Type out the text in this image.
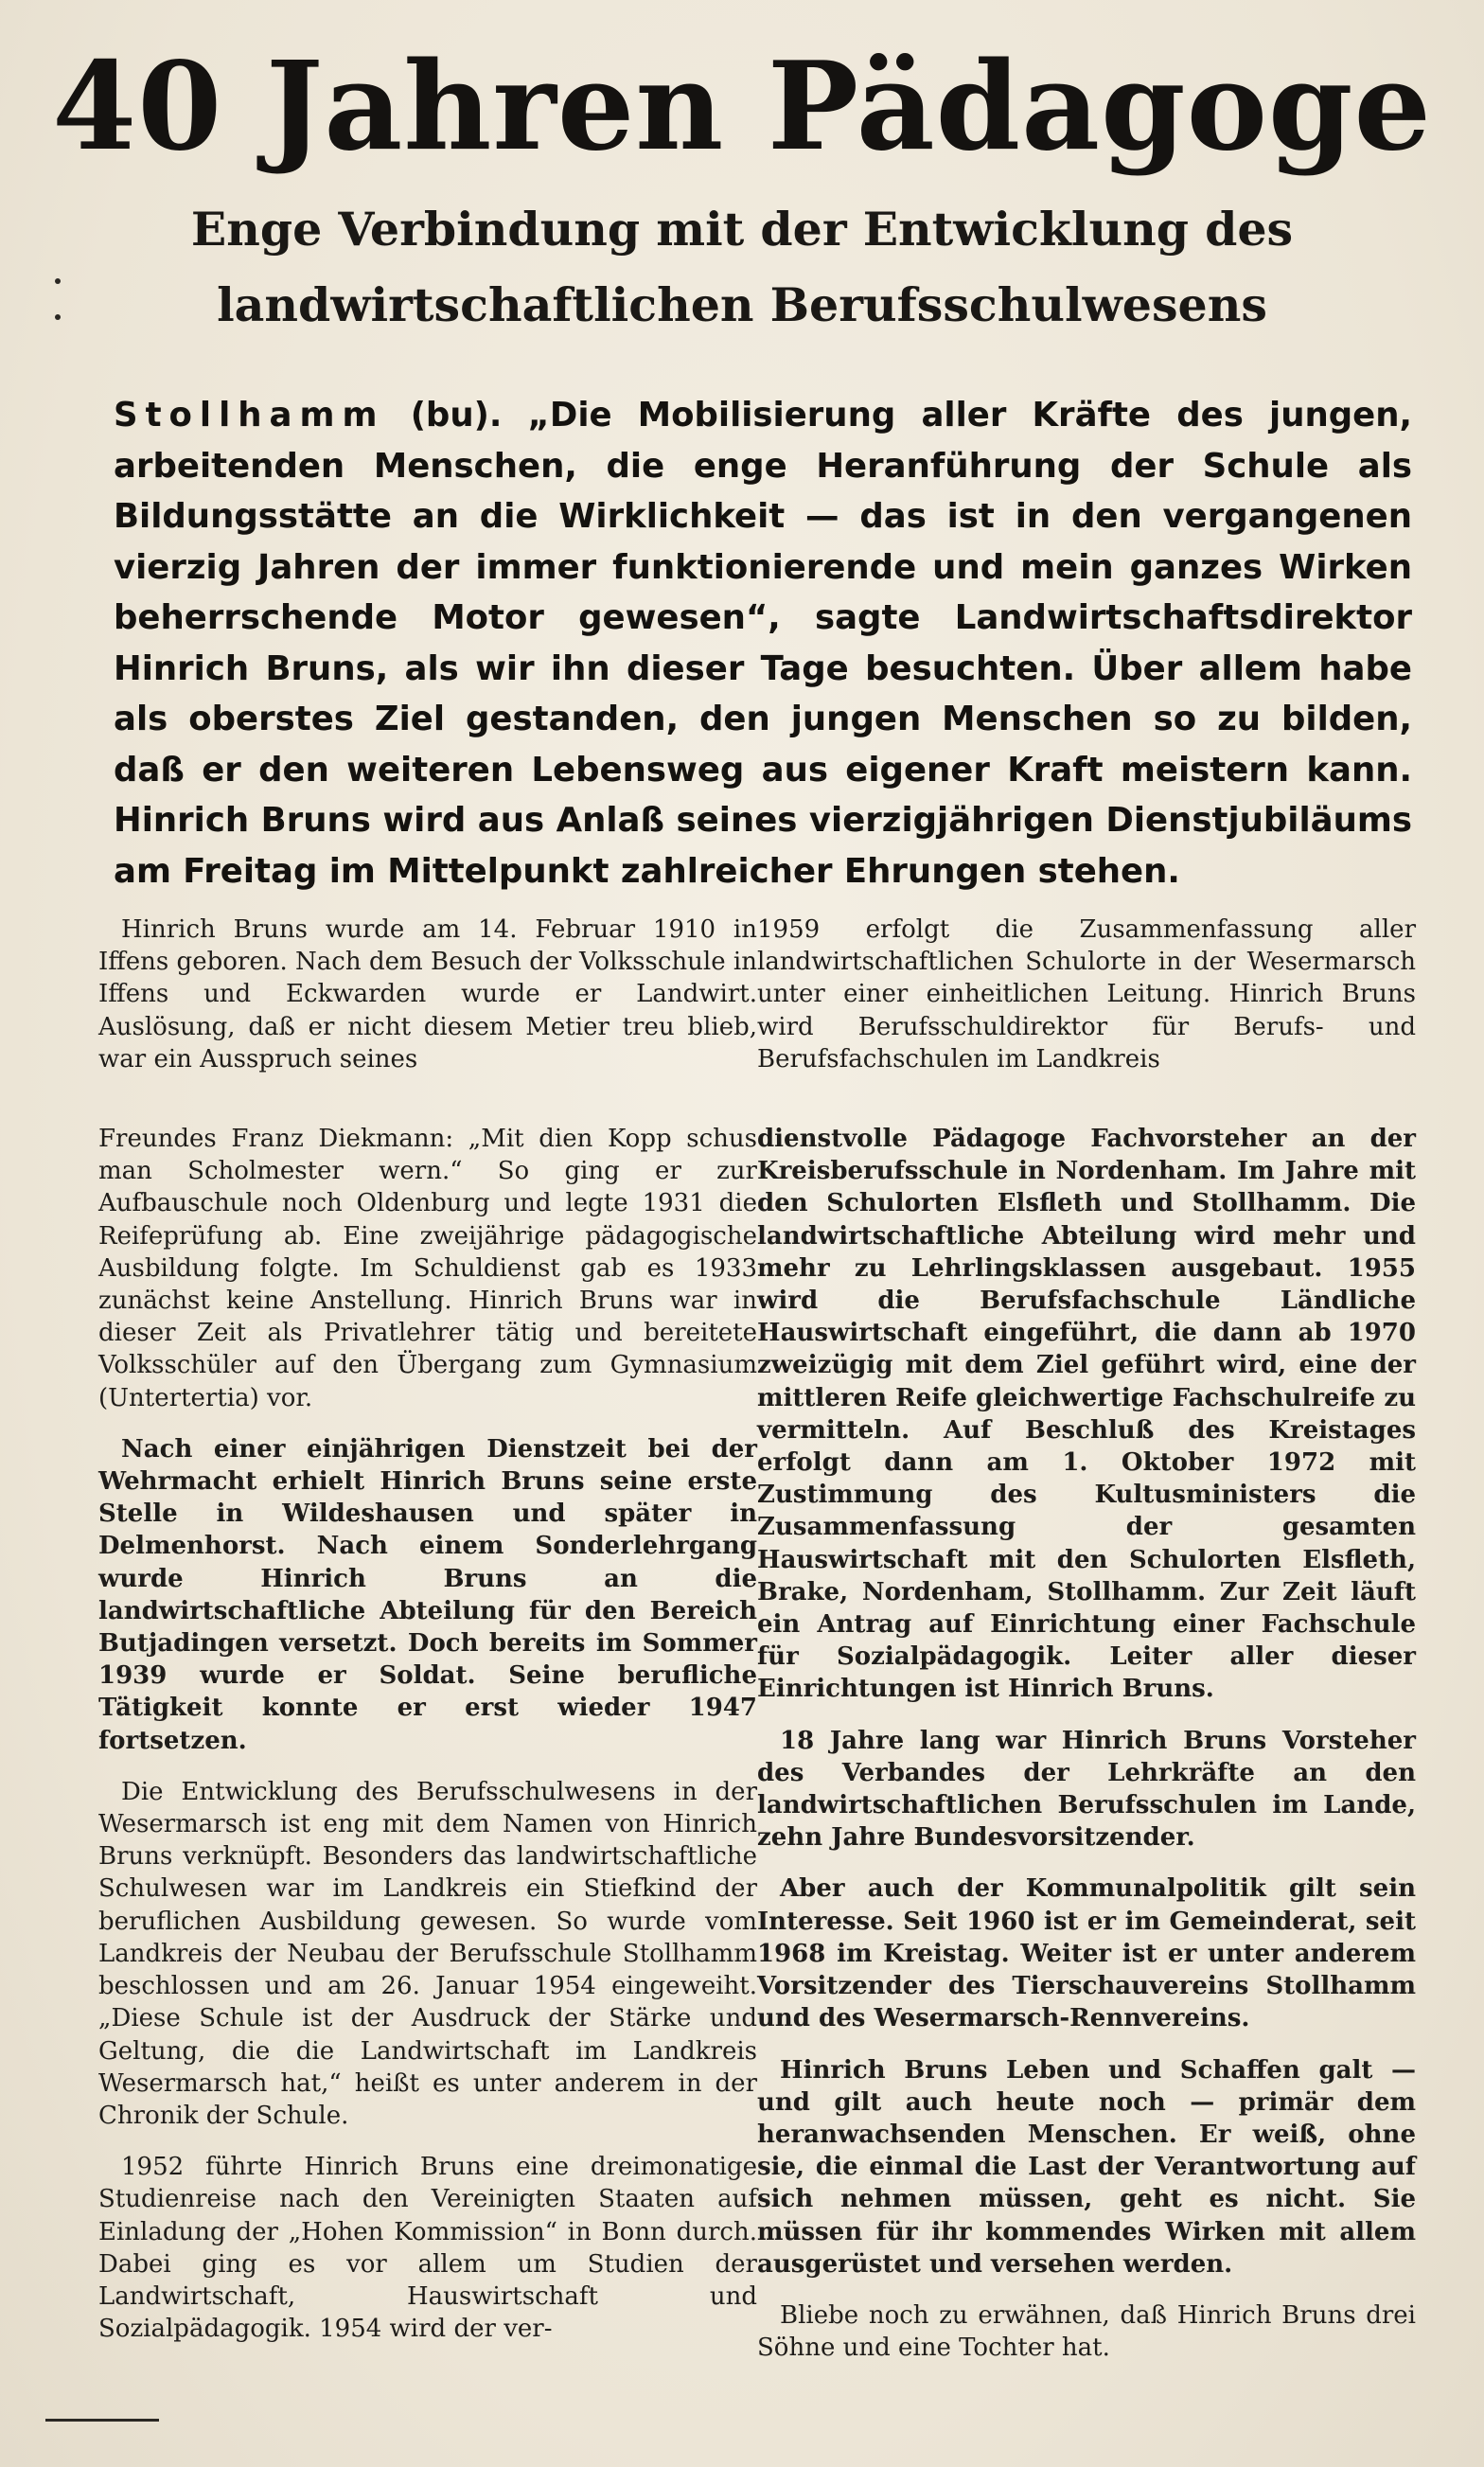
40 Jahren Pädagoge
Enge Verbindung mit der Entwicklung des
landwirtschaftlichen Berufsschulwesens
Stollhamm (bu). „Die Mobilisierung aller Kräfte des jungen, arbeitenden Menschen, die enge Heranführung der Schule als Bildungsstätte an die Wirklichkeit — das ist in den vergangenen vierzig Jahren der immer funktionierende und mein ganzes Wirken beherrschende Motor gewesen“, sagte Landwirtschaftsdirektor Hinrich Bruns, als wir ihn dieser Tage besuchten. Über allem habe als oberstes Ziel gestanden, den jungen Menschen so zu bilden, daß er den weiteren Lebensweg aus eigener Kraft meistern kann. Hinrich Bruns wird aus Anlaß seines vierzigjährigen Dienstjubiläums am Freitag im Mittelpunkt zahlreicher Ehrungen stehen.

Hinrich Bruns wurde am 14. Februar 1910 in Iffens geboren. Nach dem Besuch der Volksschule in Iffens und Eckwarden wurde er Landwirt. Auslösung, daß er nicht diesem Metier treu blieb, war ein Ausspruch seines

Freundes Franz Diekmann: „Mit dien Kopp schus man Scholmester wern.“ So ging er zur Aufbauschule noch Oldenburg und legte 1931 die Reifeprüfung ab. Eine zweijährige pädagogische Ausbildung folgte. Im Schuldienst gab es 1933 zunächst keine Anstellung. Hinrich Bruns war in dieser Zeit als Privatlehrer tätig und bereitete Volksschüler auf den Übergang zum Gymnasium (Untertertia) vor.

Nach einer einjährigen Dienstzeit bei der Wehrmacht erhielt Hinrich Bruns seine erste Stelle in Wildeshausen und später in Delmenhorst. Nach einem Sonderlehrgang wurde Hinrich Bruns an die landwirtschaftliche Abteilung für den Bereich Butjadingen versetzt. Doch bereits im Sommer 1939 wurde er Soldat. Seine berufliche Tätigkeit konnte er erst wieder 1947 fortsetzen.

Die Entwicklung des Berufsschulwesens in der Wesermarsch ist eng mit dem Namen von Hinrich Bruns verknüpft. Besonders das landwirtschaftliche Schulwesen war im Landkreis ein Stiefkind der beruflichen Ausbildung gewesen. So wurde vom Landkreis der Neubau der Berufsschule Stollhamm beschlossen und am 26. Januar 1954 eingeweiht. „Diese Schule ist der Ausdruck der Stärke und Geltung, die die Landwirtschaft im Landkreis Wesermarsch hat,“ heißt es unter anderem in der Chronik der Schule.

1952 führte Hinrich Bruns eine dreimonatige Studienreise nach den Vereinigten Staaten auf Einladung der „Hohen Kommission“ in Bonn durch. Dabei ging es vor allem um Studien der Landwirtschaft, Hauswirtschaft und Sozialpädagogik. 1954 wird der ver-

1959 erfolgt die Zusammenfassung aller landwirtschaftlichen Schulorte in der Wesermarsch unter einer einheitlichen Leitung. Hinrich Bruns wird Berufsschuldirektor für Berufs- und Berufsfachschulen im Landkreis

dienstvolle Pädagoge Fachvorsteher an der Kreisberufsschule in Nordenham. Im Jahre mit den Schulorten Elsfleth und Stollhamm. Die landwirtschaftliche Abteilung wird mehr und mehr zu Lehrlingsklassen ausgebaut. 1955 wird die Berufsfachschule Ländliche Hauswirtschaft eingeführt, die dann ab 1970 zweizügig mit dem Ziel geführt wird, eine der mittleren Reife gleichwertige Fachschulreife zu vermitteln. Auf Beschluß des Kreistages erfolgt dann am 1. Oktober 1972 mit Zustimmung des Kultusministers die Zusammenfassung der gesamten Hauswirtschaft mit den Schulorten Elsfleth, Brake, Nordenham, Stollhamm. Zur Zeit läuft ein Antrag auf Einrichtung einer Fachschule für Sozialpädagogik. Leiter aller dieser Einrichtungen ist Hinrich Bruns.

18 Jahre lang war Hinrich Bruns Vorsteher des Verbandes der Lehrkräfte an den landwirtschaftlichen Berufsschulen im Lande, zehn Jahre Bundesvorsitzender.

Aber auch der Kommunalpolitik gilt sein Interesse. Seit 1960 ist er im Gemeinderat, seit 1968 im Kreistag. Weiter ist er unter anderem Vorsitzender des Tierschauvereins Stollhamm und des Wesermarsch-Rennvereins.

Hinrich Bruns Leben und Schaffen galt — und gilt auch heute noch — primär dem heranwachsenden Menschen. Er weiß, ohne sie, die einmal die Last der Verantwortung auf sich nehmen müssen, geht es nicht. Sie müssen für ihr kommendes Wirken mit allem ausgerüstet und versehen werden.

Bliebe noch zu erwähnen, daß Hinrich Bruns drei Söhne und eine Tochter hat.
